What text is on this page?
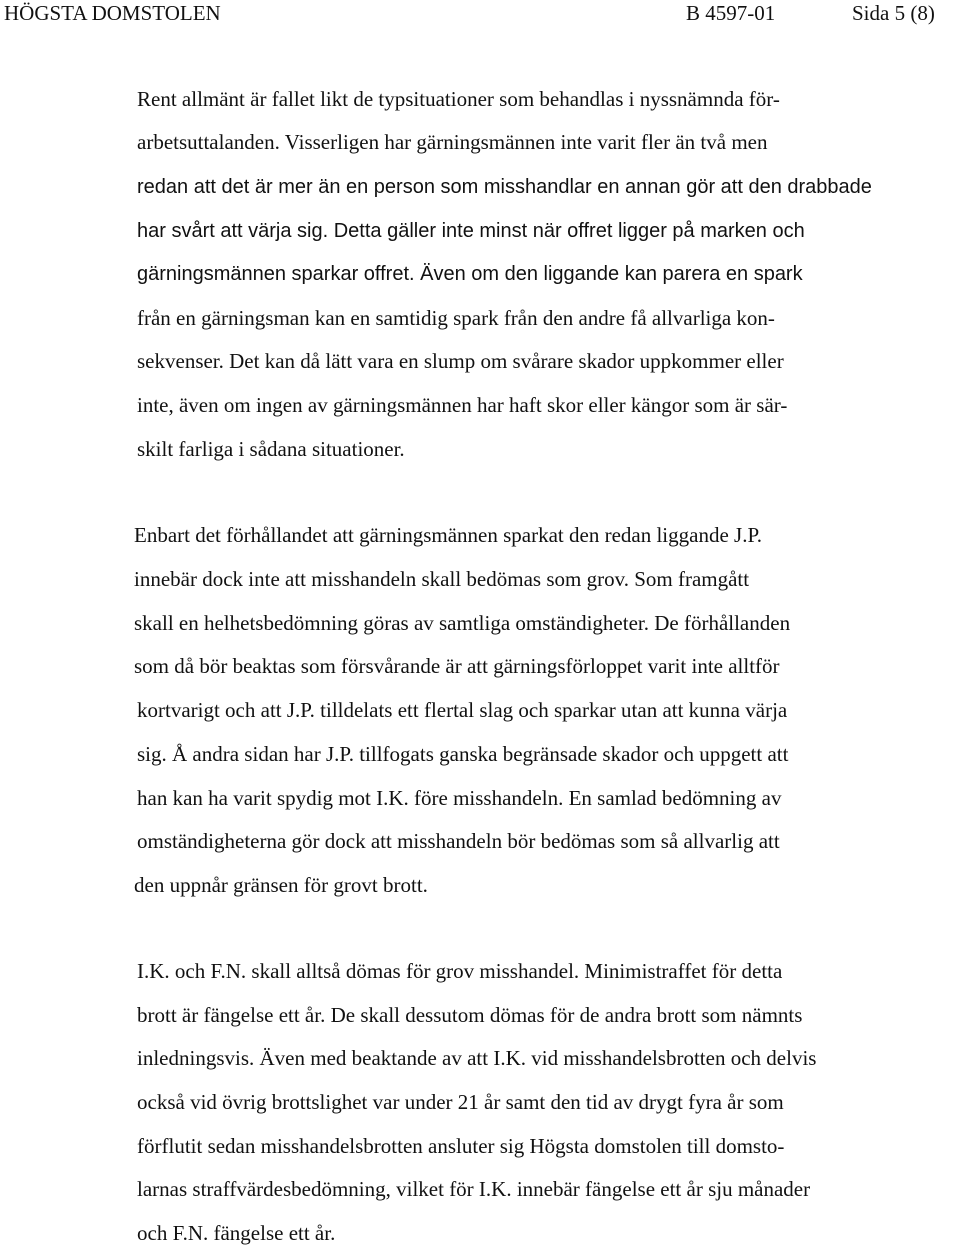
HÖGSTA DOMSTOLEN	B 4597-01	Sida 5 (8)

Rent allmänt är fallet likt de typsituationer som behandlas i nyssnämnda för-

arbetsuttalanden. Visserligen har gärningsmännen inte varit fler än två men

redan att det är mer än en person som misshandlar en annan gör att den drabbade

har svårt att värja sig. Detta gäller inte minst när offret ligger på marken och

gärningsmännen sparkar offret. Även om den liggande kan parera en spark

från en gärningsman kan en samtidig spark från den andre få allvarliga kon-

sekvenser. Det kan då lätt vara en slump om svårare skador uppkommer eller

inte, även om ingen av gärningsmännen har haft skor eller kängor som är sär-

skilt farliga i sådana situationer.

Enbart det förhållandet att gärningsmännen sparkat den redan liggande J.P.

innebär dock inte att misshandeln skall bedömas som grov. Som framgått

skall en helhetsbedömning göras av samtliga omständigheter. De förhållanden

som då bör beaktas som försvårande är att gärningsförloppet varit inte alltför

kortvarigt och att J.P. tilldelats ett flertal slag och sparkar utan att kunna värja

sig. Å andra sidan har J.P. tillfogats ganska begränsade skador och uppgett att

han kan ha varit spydig mot I.K. före misshandeln. En samlad bedömning av

omständigheterna gör dock att misshandeln bör bedömas som så allvarlig att

den uppnår gränsen för grovt brott.

I.K. och F.N. skall alltså dömas för grov misshandel. Minimistraffet för detta

brott är fängelse ett år. De skall dessutom dömas för de andra brott som nämnts

inledningsvis. Även med beaktande av att I.K. vid misshandelsbrotten och delvis

också vid övrig brottslighet var under 21 år samt den tid av drygt fyra år som

förflutit sedan misshandelsbrotten ansluter sig Högsta domstolen till domsto-

larnas straffvärdesbedömning, vilket för I.K. innebär fängelse ett år sju månader

och F.N. fängelse ett år.
